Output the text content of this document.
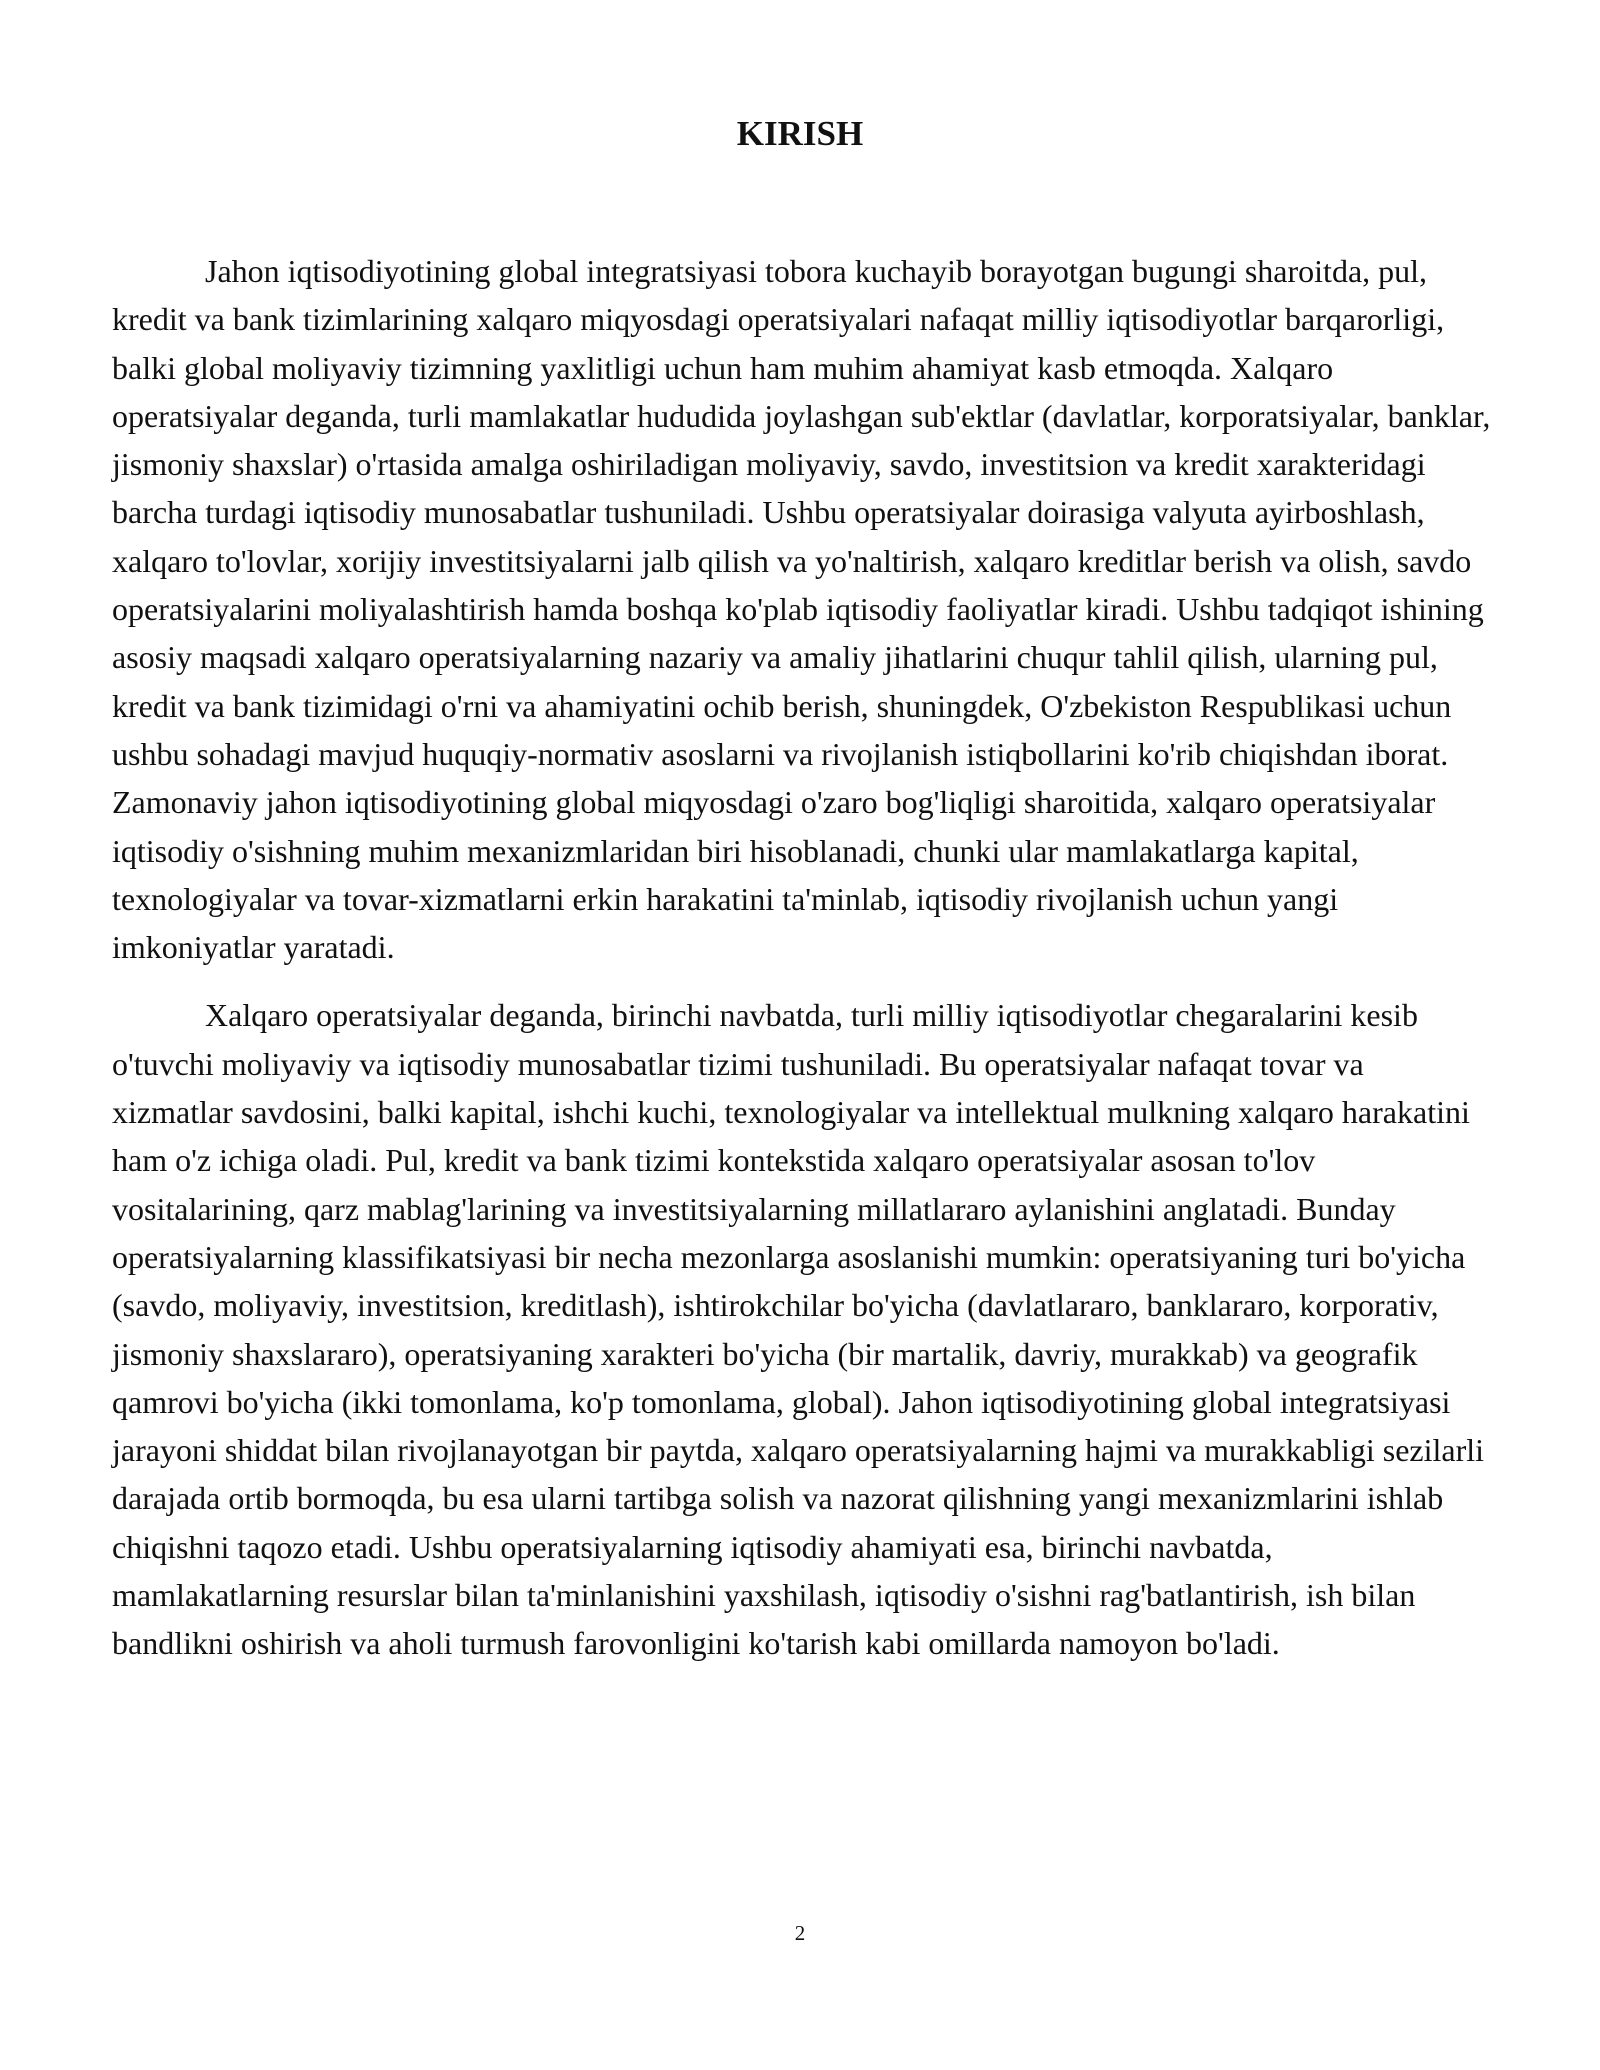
KIRISH

Jahon iqtisodiyotining global integratsiyasi tobora kuchayib borayotgan bugungi sharoitda, pul, kredit va bank tizimlarining xalqaro miqyosdagi operatsiyalari nafaqat milliy iqtisodiyotlar barqarorligi, balki global moliyaviy tizimning yaxlitligi uchun ham muhim ahamiyat kasb etmoqda. Xalqaro operatsiyalar deganda, turli mamlakatlar hududida joylashgan sub'ektlar (davlatlar, korporatsiyalar, banklar, jismoniy shaxslar) o'rtasida amalga oshiriladigan moliyaviy, savdo, investitsion va kredit xarakteridagi barcha turdagi iqtisodiy munosabatlar tushuniladi. Ushbu operatsiyalar doirasiga valyuta ayirboshlash, xalqaro to'lovlar, xorijiy investitsiyalarni jalb qilish va yo'naltirish, xalqaro kreditlar berish va olish, savdo operatsiyalarini moliyalashtirish hamda boshqa ko'plab iqtisodiy faoliyatlar kiradi. Ushbu tadqiqot ishining asosiy maqsadi xalqaro operatsiyalarning nazariy va amaliy jihatlarini chuqur tahlil qilish, ularning pul, kredit va bank tizimidagi o'rni va ahamiyatini ochib berish, shuningdek, O'zbekiston Respublikasi uchun ushbu sohadagi mavjud huquqiy-normativ asoslarni va rivojlanish istiqbollarini ko'rib chiqishdan iborat. Zamonaviy jahon iqtisodiyotining global miqyosdagi o'zaro bog'liqligi sharoitida, xalqaro operatsiyalar iqtisodiy o'sishning muhim mexanizmlaridan biri hisoblanadi, chunki ular mamlakatlarga kapital, texnologiyalar va tovar-xizmatlarni erkin harakatini ta'minlab, iqtisodiy rivojlanish uchun yangi imkoniyatlar yaratadi.

Xalqaro operatsiyalar deganda, birinchi navbatda, turli milliy iqtisodiyotlar chegaralarini kesib o'tuvchi moliyaviy va iqtisodiy munosabatlar tizimi tushuniladi. Bu operatsiyalar nafaqat tovar va xizmatlar savdosini, balki kapital, ishchi kuchi, texnologiyalar va intellektual mulkning xalqaro harakatini ham o'z ichiga oladi. Pul, kredit va bank tizimi kontekstida xalqaro operatsiyalar asosan to'lov vositalarining, qarz mablag'larining va investitsiyalarning millatlararo aylanishini anglatadi. Bunday operatsiyalarning klassifikatsiyasi bir necha mezonlarga asoslanishi mumkin: operatsiyaning turi bo'yicha (savdo, moliyaviy, investitsion, kreditlash), ishtirokchilar bo'yicha (davlatlararo, banklararo, korporativ, jismoniy shaxslararo), operatsiyaning xarakteri bo'yicha (bir martalik, davriy, murakkab) va geografik qamrovi bo'yicha (ikki tomonlama, ko'p tomonlama, global). Jahon iqtisodiyotining global integratsiyasi jarayoni shiddat bilan rivojlanayotgan bir paytda, xalqaro operatsiyalarning hajmi va murakkabligi sezilarli darajada ortib bormoqda, bu esa ularni tartibga solish va nazorat qilishning yangi mexanizmlarini ishlab chiqishni taqozo etadi. Ushbu operatsiyalarning iqtisodiy ahamiyati esa, birinchi navbatda, mamlakatlarning resurslar bilan ta'minlanishini yaxshilash, iqtisodiy o'sishni rag'batlantirish, ish bilan bandlikni oshirish va aholi turmush farovonligini ko'tarish kabi omillarda namoyon bo'ladi.

2
